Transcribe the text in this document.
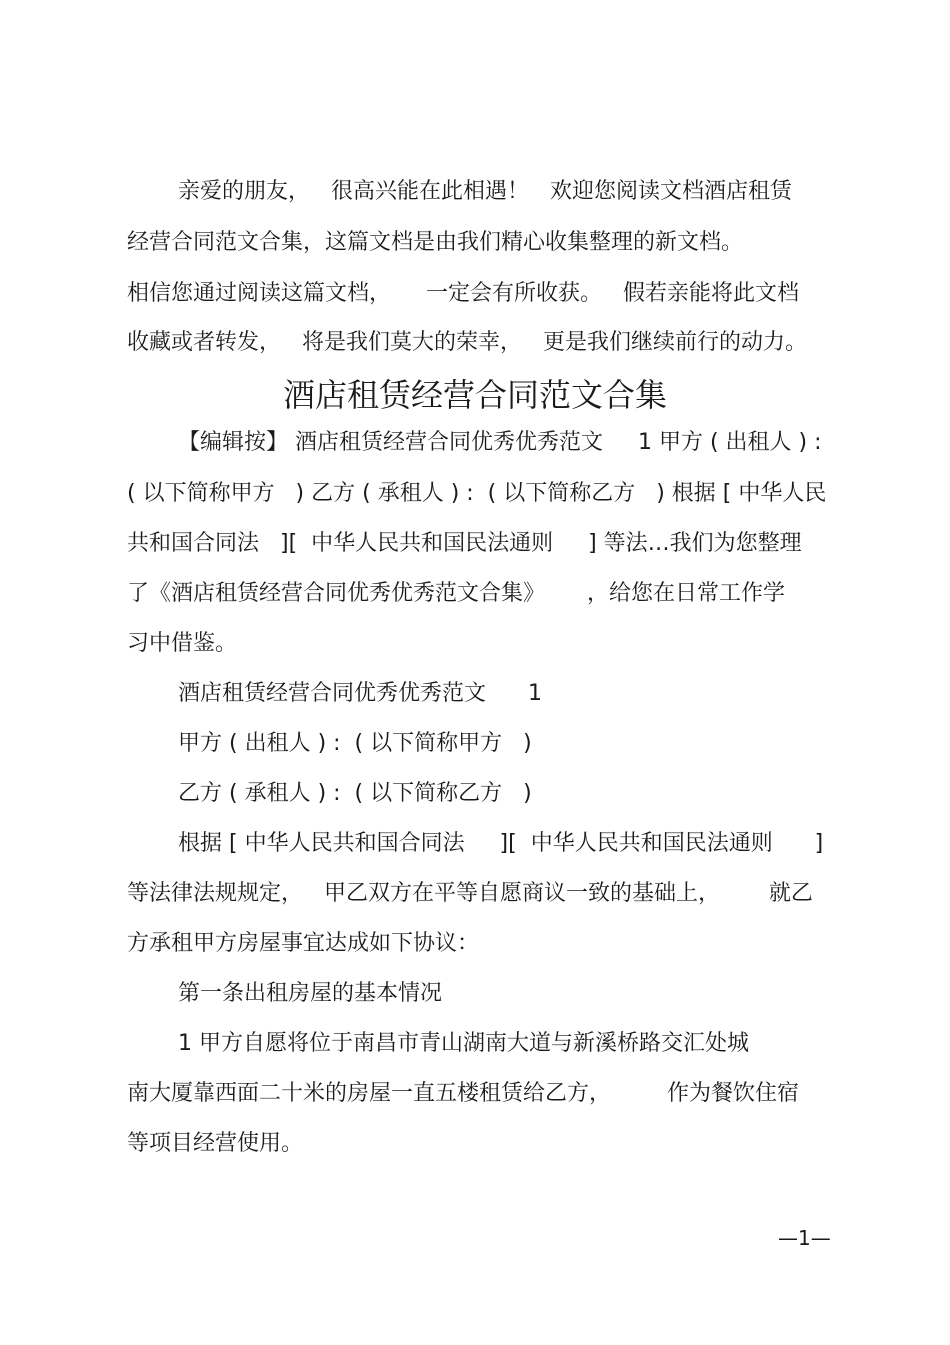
亲爱的朋友，   很高兴能在此相遇！   欢迎您阅读文档酒店租赁
经营合同范文合集，这篇文档是由我们精心收集整理的新文档。
相信您通过阅读这篇文档，     一定会有所收获。   假若亲能将此文档
收藏或者转发，   将是我们莫大的荣幸，   更是我们继续前行的动力。
酒店租赁经营合同范文合集
【编辑按】 酒店租赁经营合同优秀优秀范文     1 甲方 ( 出租人 ) :
( 以下简称甲方   ) 乙方 ( 承租人 ) :  ( 以下简称乙方   ) 根据 [ 中华人民
共和国合同法   ][  中华人民共和国民法通则     ] 等法…我们为您整理
了《酒店租赁经营合同优秀优秀范文合集》      ，给您在日常工作学
习中借鉴。
酒店租赁经营合同优秀优秀范文      1
甲方 ( 出租人 ) :  ( 以下简称甲方   )
乙方 ( 承租人 ) :  ( 以下简称乙方   )
根据 [ 中华人民共和国合同法     ][  中华人民共和国民法通则      ]
等法律法规规定，   甲乙双方在平等自愿商议一致的基础上，       就乙
方承租甲方房屋事宜达成如下协议：
第一条出租房屋的基本情况
1 甲方自愿将位于南昌市青山湖南大道与新溪桥路交汇处城
南大厦靠西面二十米的房屋一直五楼租赁给乙方，        作为餐饮住宿
等项目经营使用。
—1—
